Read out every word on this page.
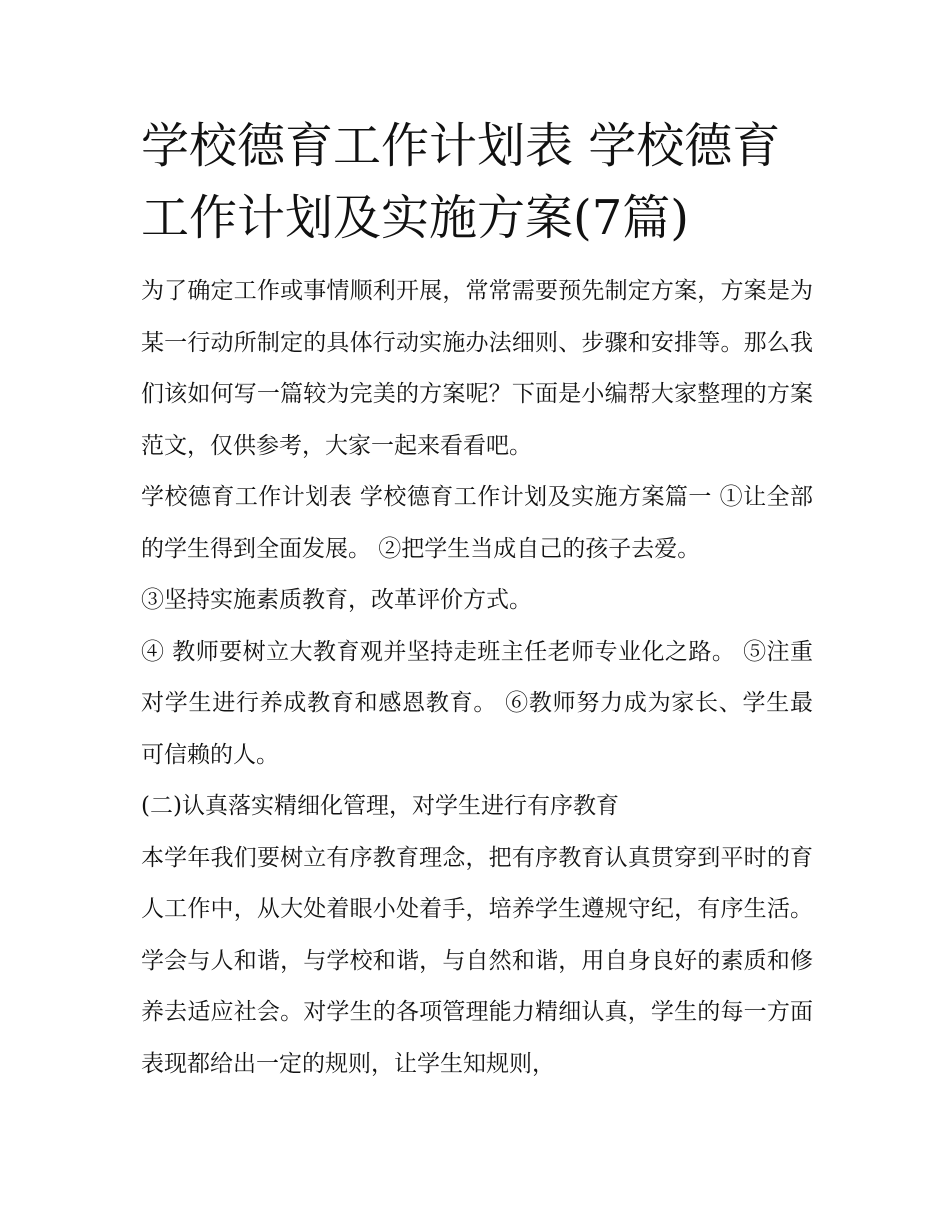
学校德育工作计划表 学校德育工作计划及实施方案(7篇)

为了确定工作或事情顺利开展，常常需要预先制定方案，方案是为某一行动所制定的具体行动实施办法细则、步骤和安排等。那么我们该如何写一篇较为完美的方案呢？下面是小编帮大家整理的方案范文，仅供参考，大家一起来看看吧。

学校德育工作计划表 学校德育工作计划及实施方案篇一 ①让全部的学生得到全面发展。 ②把学生当成自己的孩子去爱。

③坚持实施素质教育，改革评价方式。

④ 教师要树立大教育观并坚持走班主任老师专业化之路。 ⑤注重对学生进行养成教育和感恩教育。 ⑥教师努力成为家长、学生最可信赖的人。

(二)认真落实精细化管理，对学生进行有序教育

本学年我们要树立有序教育理念，把有序教育认真贯穿到平时的育人工作中，从大处着眼小处着手，培养学生遵规守纪，有序生活。学会与人和谐，与学校和谐，与自然和谐，用自身良好的素质和修养去适应社会。对学生的各项管理能力精细认真，学生的每一方面表现都给出一定的规则，让学生知规则，
